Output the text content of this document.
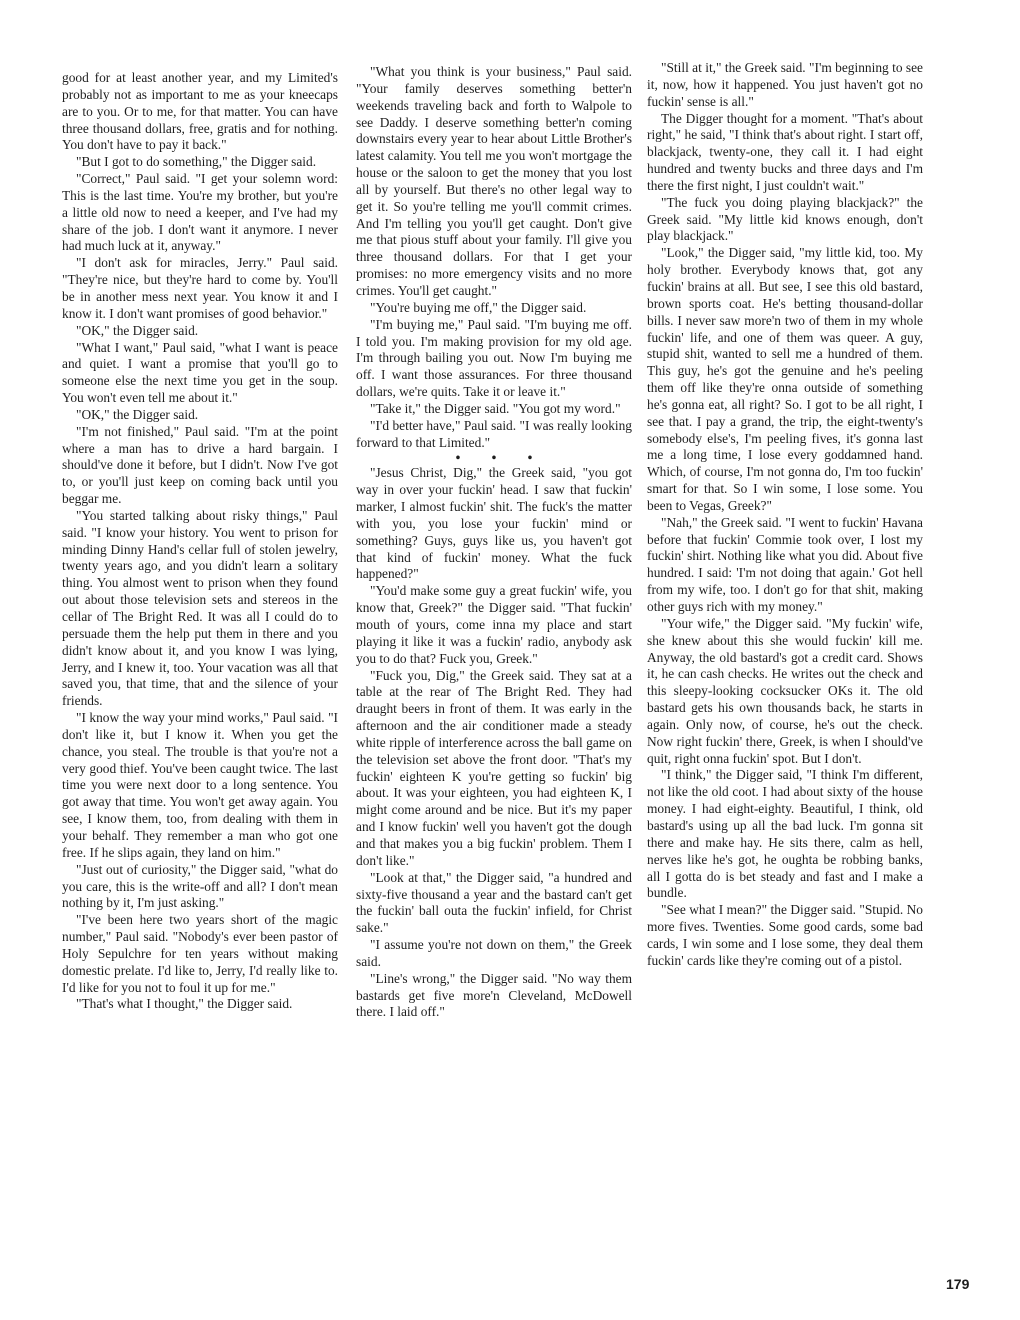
good for at least another year, and my Limited's probably not as important to me as your kneecaps are to you. Or to me, for that matter. You can have three thousand dollars, free, gratis and for nothing. You don't have to pay it back."

"But I got to do something," the Digger said.

"Correct," Paul said. "I get your solemn word: This is the last time. You're my brother, but you're a little old now to need a keeper, and I've had my share of the job. I don't want it anymore. I never had much luck at it, anyway."

"I don't ask for miracles, Jerry." Paul said. "They're nice, but they're hard to come by. You'll be in another mess next year. You know it and I know it. I don't want promises of good behavior."

"OK," the Digger said.

"What I want," Paul said, "what I want is peace and quiet. I want a promise that you'll go to someone else the next time you get in the soup. You won't even tell me about it."

"OK," the Digger said.

"I'm not finished," Paul said. "I'm at the point where a man has to drive a hard bargain. I should've done it before, but I didn't. Now I've got to, or you'll just keep on coming back until you beggar me.

"You started talking about risky things," Paul said. "I know your history. You went to prison for minding Dinny Hand's cellar full of stolen jewelry, twenty years ago, and you didn't learn a solitary thing. You almost went to prison when they found out about those television sets and stereos in the cellar of The Bright Red. It was all I could do to persuade them the help put them in there and you didn't know about it, and you know I was lying, Jerry, and I knew it, too. Your vacation was all that saved you, that time, that and the silence of your friends.

"I know the way your mind works," Paul said. "I don't like it, but I know it. When you get the chance, you steal. The trouble is that you're not a very good thief. You've been caught twice. The last time you were next door to a long sentence. You got away that time. You won't get away again. You see, I know them, too, from dealing with them in your behalf. They remember a man who got one free. If he slips again, they land on him."

"Just out of curiosity," the Digger said, "what do you care, this is the write-off and all? I don't mean nothing by it, I'm just asking."

"I've been here two years short of the magic number," Paul said. "Nobody's ever been pastor of Holy Sepulchre for ten years without making domestic prelate. I'd like to, Jerry, I'd really like to. I'd like for you not to foul it up for me."

"That's what I thought," the Digger said.

"What you think is your business," Paul said. "Your family deserves something better'n weekends traveling back and forth to Walpole to see Daddy. I deserve something better'n coming downstairs every year to hear about Little Brother's latest calamity. You tell me you won't mortgage the house or the saloon to get the money that you lost all by yourself. But there's no other legal way to get it. So you're telling me you'll commit crimes. And I'm telling you you'll get caught. Don't give me that pious stuff about your family. I'll give you three thousand dollars. For that I get your promises: no more emergency visits and no more crimes. You'll get caught."

"You're buying me off," the Digger said.

"I'm buying me," Paul said. "I'm buying me off. I told you. I'm making provision for my old age. I'm through bailing you out. Now I'm buying me off. I want those assurances. For three thousand dollars, we're quits. Take it or leave it."

"Take it," the Digger said. "You got my word."

"I'd better have," Paul said. "I was really looking forward to that Limited."

• • •

"Jesus Christ, Dig," the Greek said, "you got way in over your fuckin' head. I saw that fuckin' marker, I almost fuckin' shit. The fuck's the matter with you, you lose your fuckin' mind or something? Guys, guys like us, you haven't got that kind of fuckin' money. What the fuck happened?"

"You'd make some guy a great fuckin' wife, you know that, Greek?" the Digger said. "That fuckin' mouth of yours, come inna my place and start playing it like it was a fuckin' radio, anybody ask you to do that? Fuck you, Greek."

"Fuck you, Dig," the Greek said. They sat at a table at the rear of The Bright Red. They had draught beers in front of them. It was early in the afternoon and the air conditioner made a steady white ripple of interference across the ball game on the television set above the front door. "That's my fuckin' eighteen K you're getting so fuckin' big about. It was your eighteen, you had eighteen K, I might come around and be nice. But it's my paper and I know fuckin' well you haven't got the dough and that makes you a big fuckin' problem. Them I don't like."

"Look at that," the Digger said, "a hundred and sixty-five thousand a year and the bastard can't get the fuckin' ball outa the fuckin' infield, for Christ sake."

"I assume you're not down on them," the Greek said.

"Line's wrong," the Digger said. "No way them bastards get five more'n Cleveland, McDowell there. I laid off."

"Still at it," the Greek said. "I'm beginning to see it, now, how it happened. You just haven't got no fuckin' sense is all."

The Digger thought for a moment. "That's about right," he said, "I think that's about right. I start off, blackjack, twenty-one, they call it. I had eight hundred and twenty bucks and three days and I'm there the first night, I just couldn't wait."

"The fuck you doing playing blackjack?" the Greek said. "My little kid knows enough, don't play blackjack."

"Look," the Digger said, "my little kid, too. My holy brother. Everybody knows that, got any fuckin' brains at all. But see, I see this old bastard, brown sports coat. He's betting thousand-dollar bills. I never saw more'n two of them in my whole fuckin' life, and one of them was queer. A guy, stupid shit, wanted to sell me a hundred of them. This guy, he's got the genuine and he's peeling them off like they're onna outside of something he's gonna eat, all right? So. I got to be all right, I see that. I pay a grand, the trip, the eight-twenty's somebody else's, I'm peeling fives, it's gonna last me a long time, I lose every goddamned hand. Which, of course, I'm not gonna do, I'm too fuckin' smart for that. So I win some, I lose some. You been to Vegas, Greek?"

"Nah," the Greek said. "I went to fuckin' Havana before that fuckin' Commie took over, I lost my fuckin' shirt. Nothing like what you did. About five hundred. I said: 'I'm not doing that again.' Got hell from my wife, too. I don't go for that shit, making other guys rich with my money."

"Your wife," the Digger said. "My fuckin' wife, she knew about this she would fuckin' kill me. Anyway, the old bastard's got a credit card. Shows it, he can cash checks. He writes out the check and this sleepy-looking cocksucker OKs it. The old bastard gets his own thousands back, he starts in again. Only now, of course, he's out the check. Now right fuckin' there, Greek, is when I should've quit, right onna fuckin' spot. But I don't.

"I think," the Digger said, "I think I'm different, not like the old coot. I had about sixty of the house money. I had eight-eighty. Beautiful, I think, old bastard's using up all the bad luck. I'm gonna sit there and make hay. He sits there, calm as hell, nerves like he's got, he oughta be robbing banks, all I gotta do is bet steady and fast and I make a bundle.

"See what I mean?" the Digger said. "Stupid. No more fives. Twenties. Some good cards, some bad cards, I win some and I lose some, they deal them fuckin' cards like they're coming out of a pistol.

179
